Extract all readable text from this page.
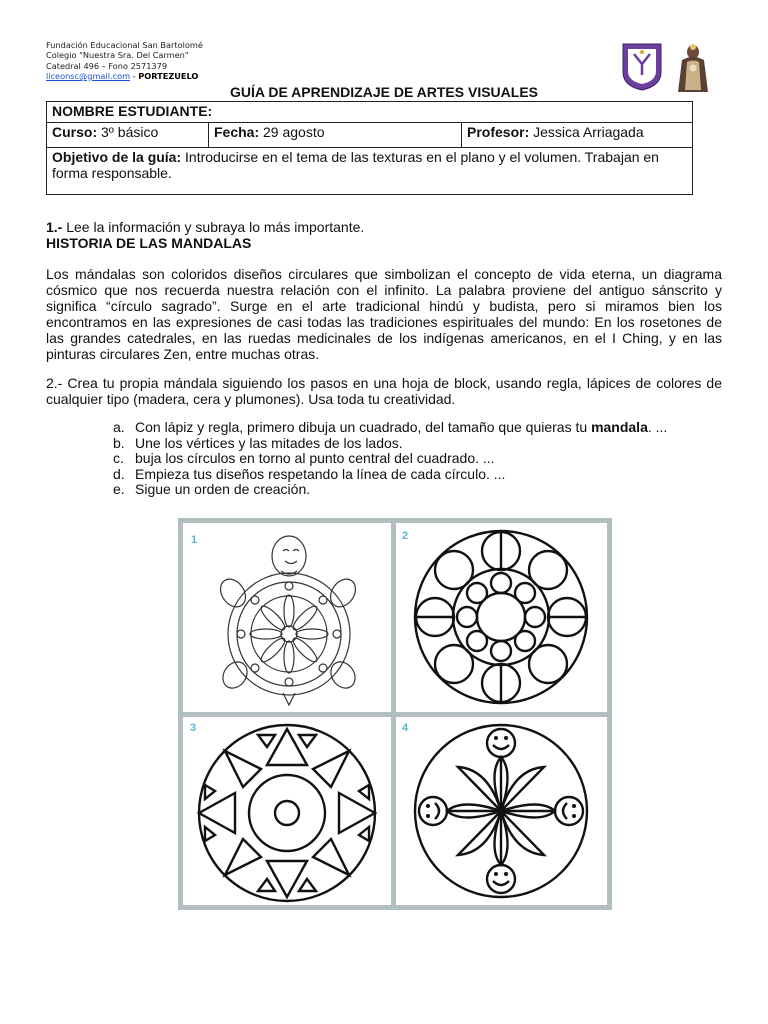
Fundación Educacional San Bartolomé
Colegio "Nuestra Sra. Del Carmen"
Catedral 496 – Fono 2571379
liceonsc@gmail.com - PORTEZUELO
GUÍA DE APRENDIZAJE DE ARTES VISUALES
NOMBRE ESTUDIANTE:
Curso: 3º básico	Fecha: 29 agosto	Profesor: Jessica Arriagada
Objetivo de la guía: Introducirse en el tema de las texturas en el plano y el volumen. Trabajan en forma responsable.
1.- Lee la información y subraya lo más importante.
HISTORIA DE LAS MANDALAS
Los mándalas son coloridos diseños circulares que simbolizan el concepto de vida eterna, un diagrama cósmico que nos recuerda nuestra relación con el infinito. La palabra proviene del antiguo sánscrito y significa “círculo sagrado”. Surge en el arte tradicional hindú y budista, pero si miramos bien los encontramos en las expresiones de casi todas las tradiciones espirituales del mundo: En los rosetones de las grandes catedrales, en las ruedas medicinales de los indígenas americanos, en el I Ching, y en las pinturas circulares Zen, entre muchas otras.
2.- Crea tu propia mándala siguiendo los pasos en una hoja de block, usando regla, lápices de colores de cualquier tipo (madera, cera y plumones). Usa toda tu creatividad.
a. Con lápiz y regla, primero dibuja un cuadrado, del tamaño que quieras tu mandala. ...
b. Une los vértices y las mitades de los lados.
c. buja los círculos en torno al punto central del cuadrado. ...
d. Empieza tus diseños respetando la línea de cada círculo. ...
e. Sigue un orden de creación.
1	2
3	4
